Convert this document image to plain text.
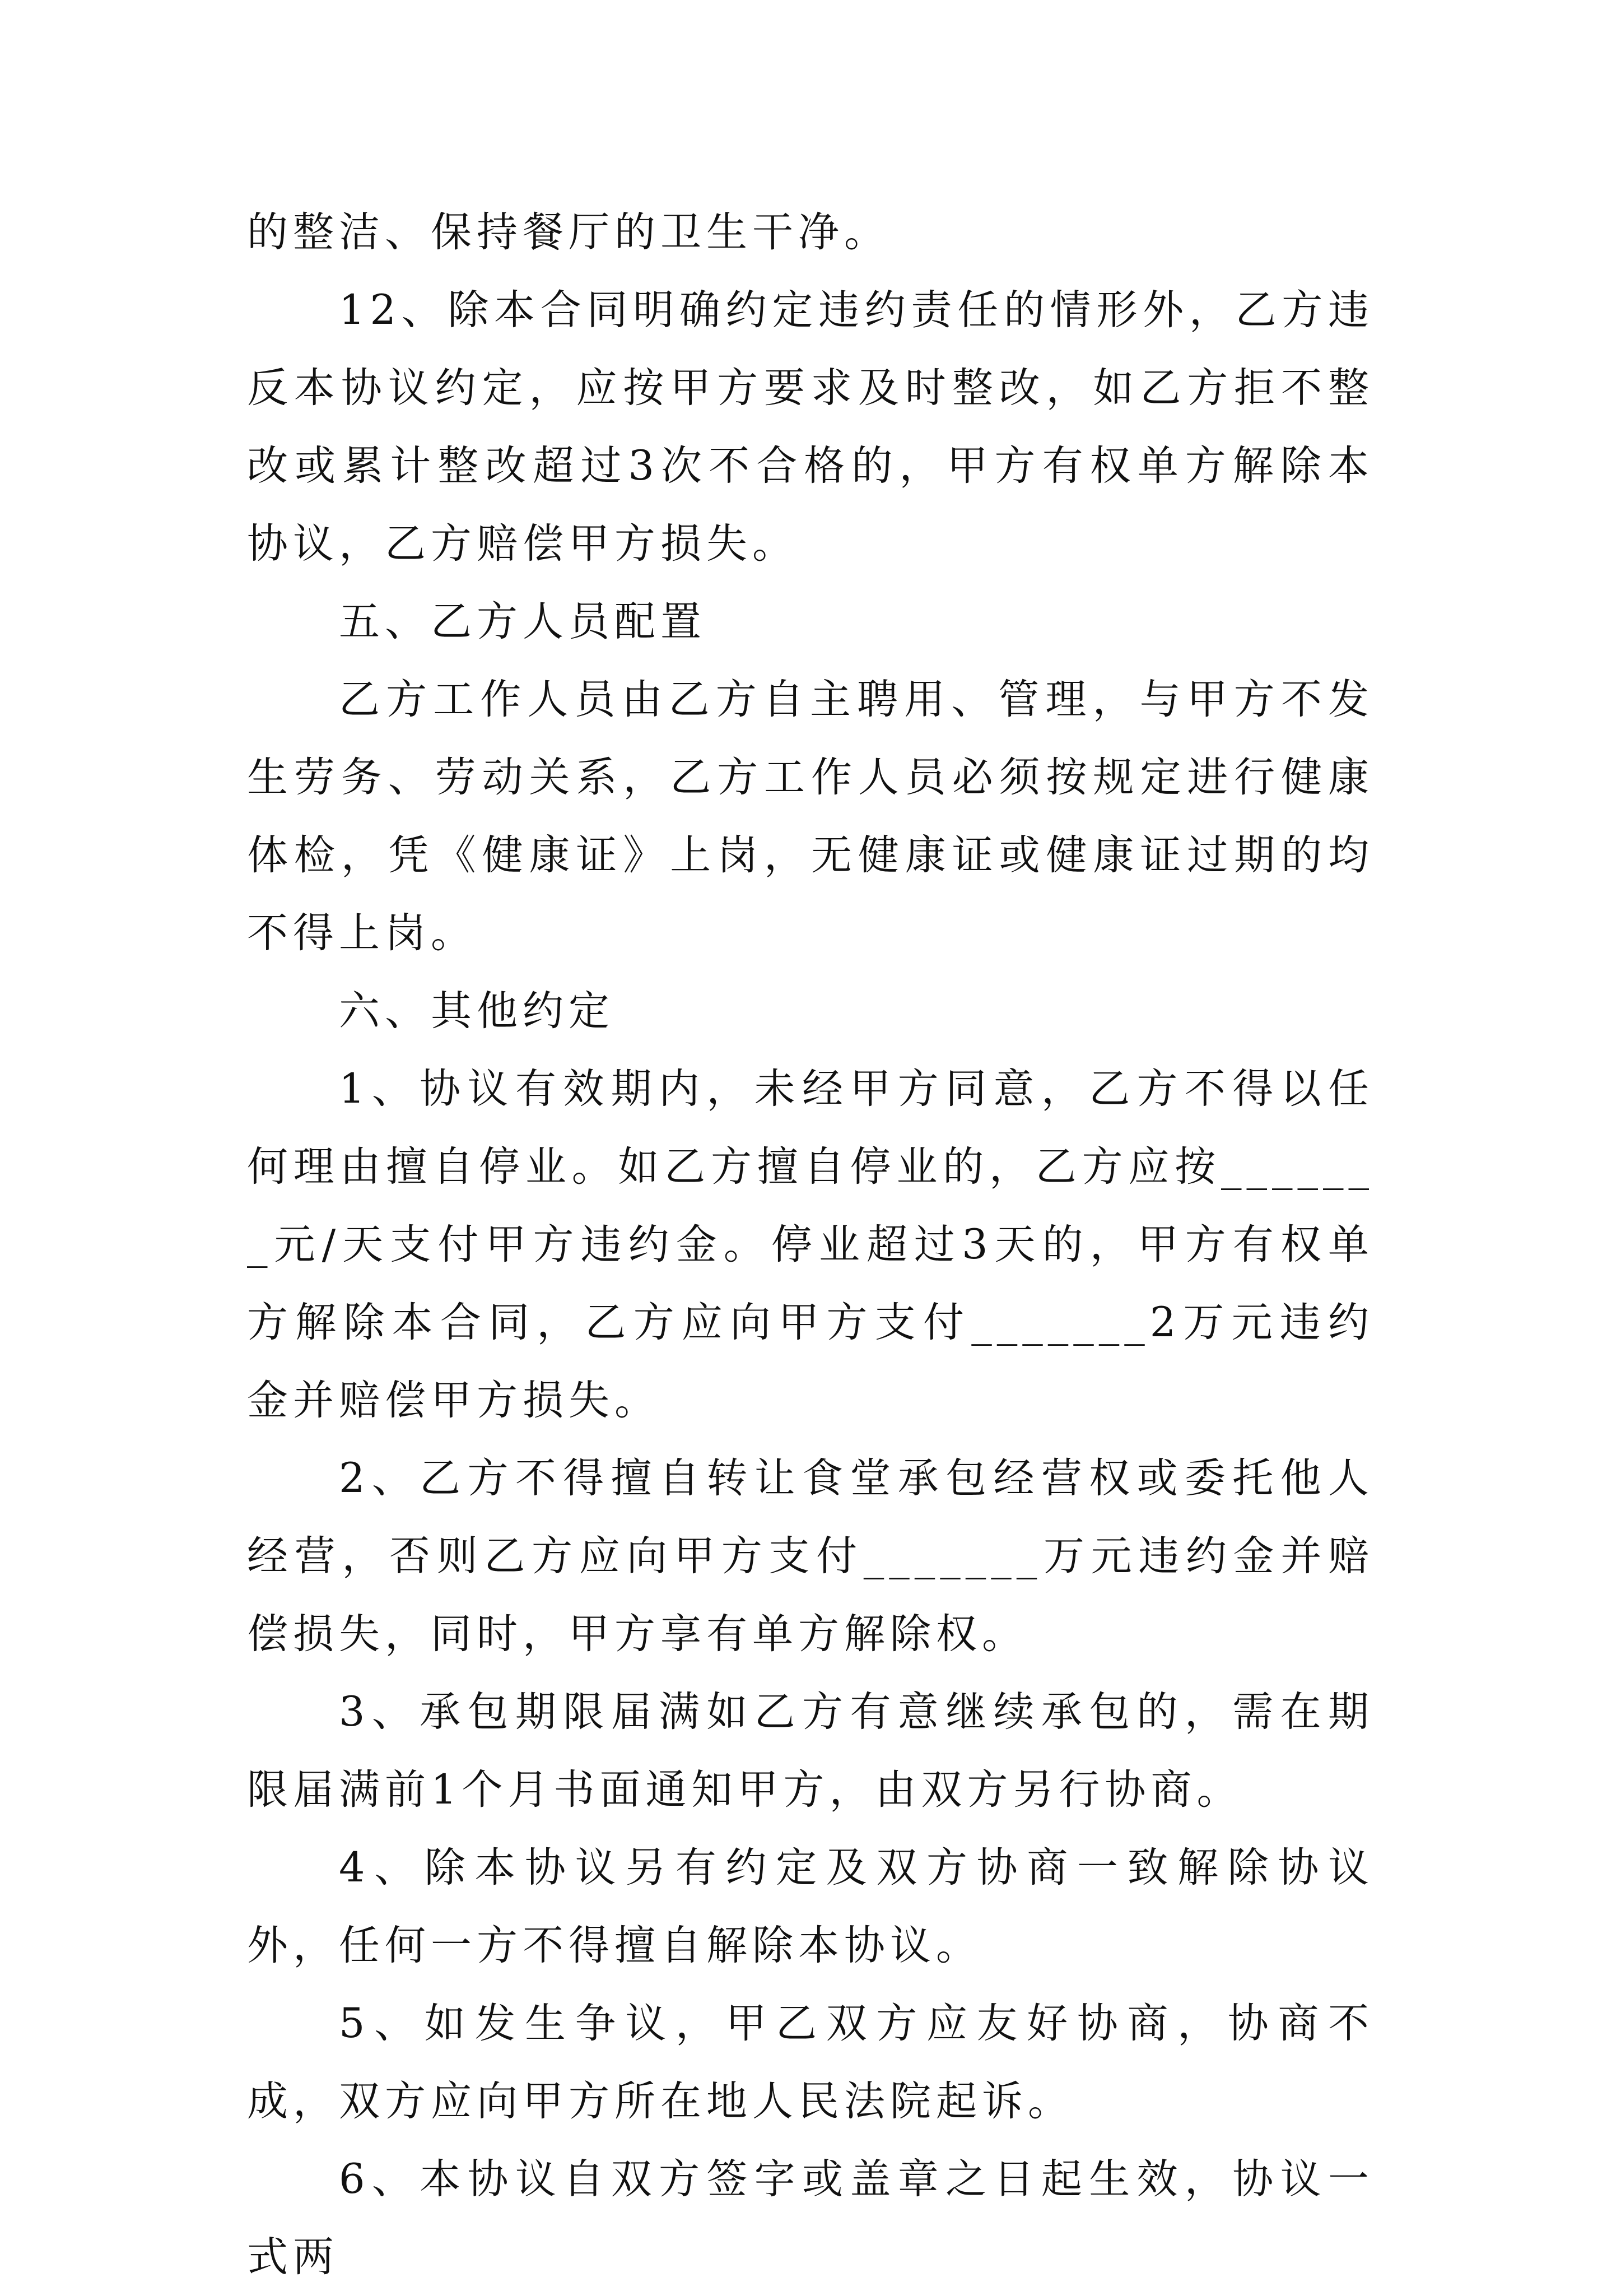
的整洁、保持餐厅的卫生干净。

12、除本合同明确约定违约责任的情形外，乙方违反本协议约定，应按甲方要求及时整改，如乙方拒不整改或累计整改超过3次不合格的，甲方有权单方解除本协议，乙方赔偿甲方损失。

五、乙方人员配置

乙方工作人员由乙方自主聘用、管理，与甲方不发生劳务、劳动关系，乙方工作人员必须按规定进行健康体检，凭《健康证》上岗，无健康证或健康证过期的均不得上岗。

六、其他约定

1、协议有效期内，未经甲方同意，乙方不得以任何理由擅自停业。如乙方擅自停业的，乙方应按_______元/天支付甲方违约金。停业超过3天的，甲方有权单方解除本合同，乙方应向甲方支付_______2万元违约金并赔偿甲方损失。

2、乙方不得擅自转让食堂承包经营权或委托他人经营，否则乙方应向甲方支付_______万元违约金并赔偿损失，同时，甲方享有单方解除权。

3、承包期限届满如乙方有意继续承包的，需在期限届满前1个月书面通知甲方，由双方另行协商。

4、除本协议另有约定及双方协商一致解除协议外，任何一方不得擅自解除本协议。

5、如发生争议，甲乙双方应友好协商，协商不成，双方应向甲方所在地人民法院起诉。

6、本协议自双方签字或盖章之日起生效，协议一式两
